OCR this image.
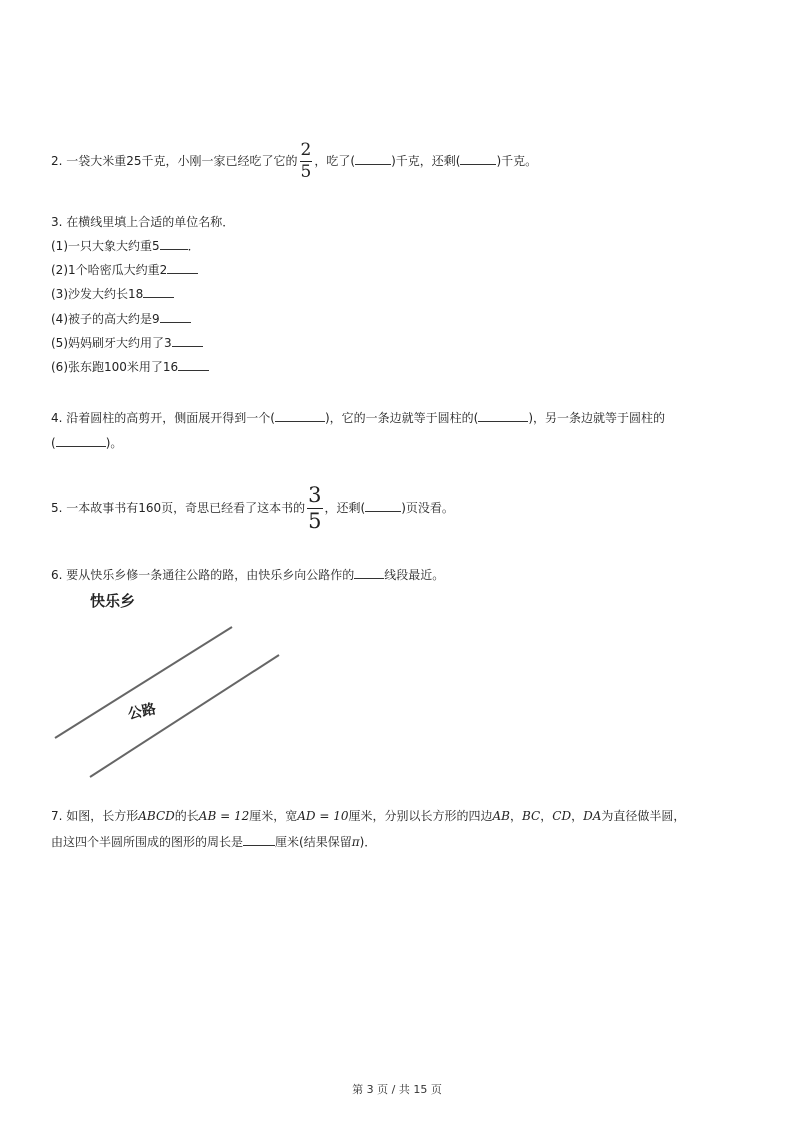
2. 一袋大米重25千克，小刚一家已经吃了它的 $\frac{2}{5}$ ，吃了(	)千克，还剩(	)千克。
3. 在横线里填上合适的单位名称．
(1)一只大象大约重5 ．
(2)1个哈密瓜大约重2
(3)沙发大约长18
(4)被子的高大约是9
(5)妈妈刷牙大约用了3
(6)张东跑100米用了16
4. 沿着圆柱的高剪开，侧面展开得到一个(	)，它的一条边就等于圆柱的(	)，另一条边就等于圆柱的
(	)。
5. 一本故事书有160页，奇思已经看了这本书的 $\frac{3}{5}$ ，还剩(	)页没看。
6. 要从快乐乡修一条通往公路的路，由快乐乡向公路作的	线段最近。
快乐乡
公路
7. 如图，长方形ABCD的长AB = 12厘米，宽AD = 10厘米，分别以长方形的四边AB，BC，CD，DA为直径做半圆，
由这四个半圆所围成的图形的周长是	厘米(结果保留π)．
第 3 页 / 共 15 页
